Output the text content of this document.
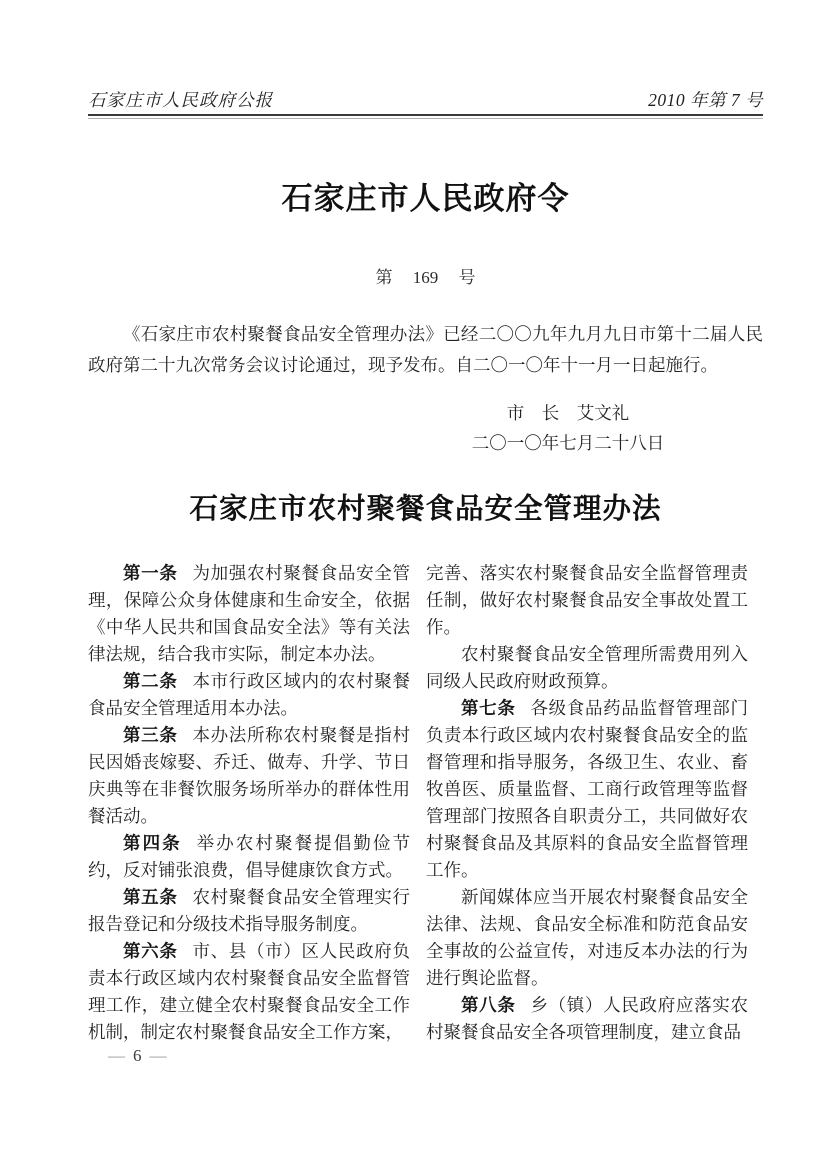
石家庄市人民政府公报	2010 年第 7 号
石家庄市人民政府令
第 169 号

《石家庄市农村聚餐食品安全管理办法》已经二〇〇九年九月九日市第十二届人民政府第二十九次常务会议讨论通过，现予发布。自二〇一〇年十一月一日起施行。

市　长　艾文礼
二〇一〇年七月二十八日
石家庄市农村聚餐食品安全管理办法

第一条 为加强农村聚餐食品安全管理，保障公众身体健康和生命安全，依据《中华人民共和国食品安全法》等有关法律法规，结合我市实际，制定本办法。

第二条 本市行政区域内的农村聚餐食品安全管理适用本办法。

第三条 本办法所称农村聚餐是指村民因婚丧嫁娶、乔迁、做寿、升学、节日庆典等在非餐饮服务场所举办的群体性用餐活动。

第四条 举办农村聚餐提倡勤俭节约，反对铺张浪费，倡导健康饮食方式。

第五条 农村聚餐食品安全管理实行报告登记和分级技术指导服务制度。

第六条 市、县（市）区人民政府负责本行政区域内农村聚餐食品安全监督管理工作，建立健全农村聚餐食品安全工作机制，制定农村聚餐食品安全工作方案，

完善、落实农村聚餐食品安全监督管理责任制，做好农村聚餐食品安全事故处置工作。

农村聚餐食品安全管理所需费用列入同级人民政府财政预算。

第七条 各级食品药品监督管理部门负责本行政区域内农村聚餐食品安全的监督管理和指导服务，各级卫生、农业、畜牧兽医、质量监督、工商行政管理等监督管理部门按照各自职责分工，共同做好农村聚餐食品及其原料的食品安全监督管理工作。

新闻媒体应当开展农村聚餐食品安全法律、法规、食品安全标准和防范食品安全事故的公益宣传，对违反本办法的行为进行舆论监督。

第八条 乡（镇）人民政府应落实农村聚餐食品安全各项管理制度，建立食品

— 6 —
